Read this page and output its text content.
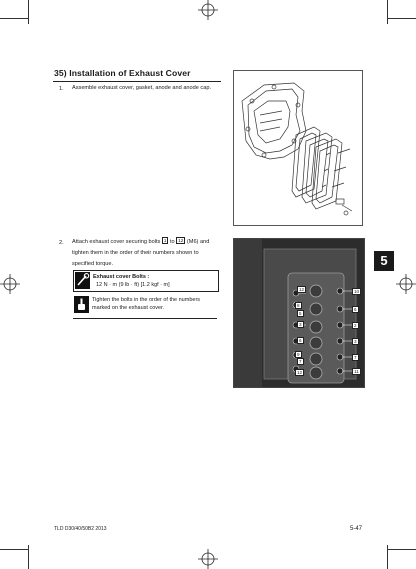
35) Installation of Exhaust Cover
1. Assemble exhaust cover, gasket, anode and anode cap.
2. Attach exhaust cover securing bolts 1 to 12 (M6) and
tighten them in the order of their numbers shown to
specified torque.
Exhaust cover Bolts :
12 N · m (9 lb · ft) [1.2 kgf · m]
Tighten the bolts in the order of the numbers
marked on the exhaust cover.
12
8
5
3
6
9
7
12
10
6
2
3
7
11
5
TLD D30/40/50B2 2013	5-47
